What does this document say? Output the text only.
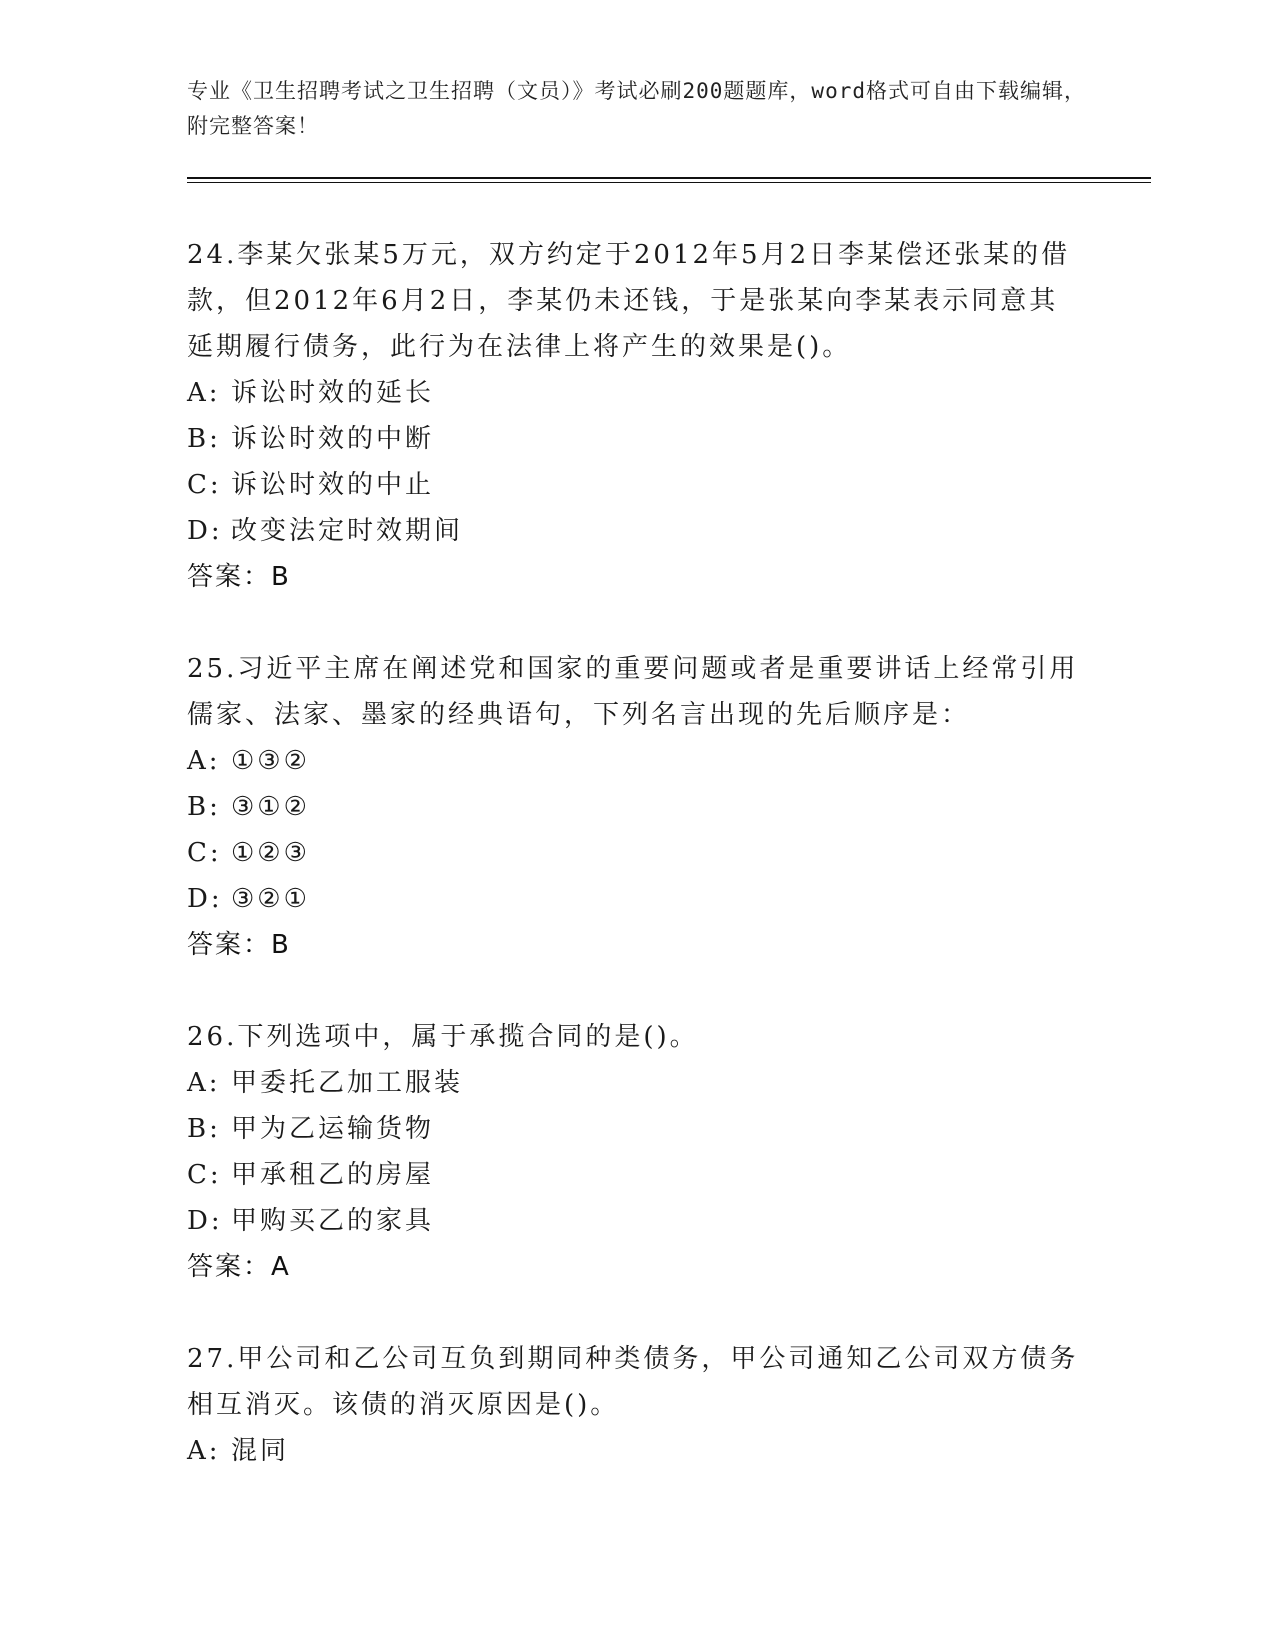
专业《卫生招聘考试之卫生招聘（文员）》考试必刷200题题库，word格式可自由下载编辑，附完整答案！

24.李某欠张某5万元，双方约定于2012年5月2日李某偿还张某的借款，但2012年6月2日，李某仍未还钱，于是张某向李某表示同意其延期履行债务，此行为在法律上将产生的效果是()。

A: 诉讼时效的延长

B: 诉讼时效的中断

C: 诉讼时效的中止

D: 改变法定时效期间

答案：B

25.习近平主席在阐述党和国家的重要问题或者是重要讲话上经常引用儒家、法家、墨家的经典语句，下列名言出现的先后顺序是：

A: ①③②

B: ③①②

C: ①②③

D: ③②①

答案：B

26.下列选项中，属于承揽合同的是()。

A: 甲委托乙加工服装

B: 甲为乙运输货物

C: 甲承租乙的房屋

D: 甲购买乙的家具

答案：A

27.甲公司和乙公司互负到期同种类债务，甲公司通知乙公司双方债务相互消灭。该债的消灭原因是()。

A: 混同
